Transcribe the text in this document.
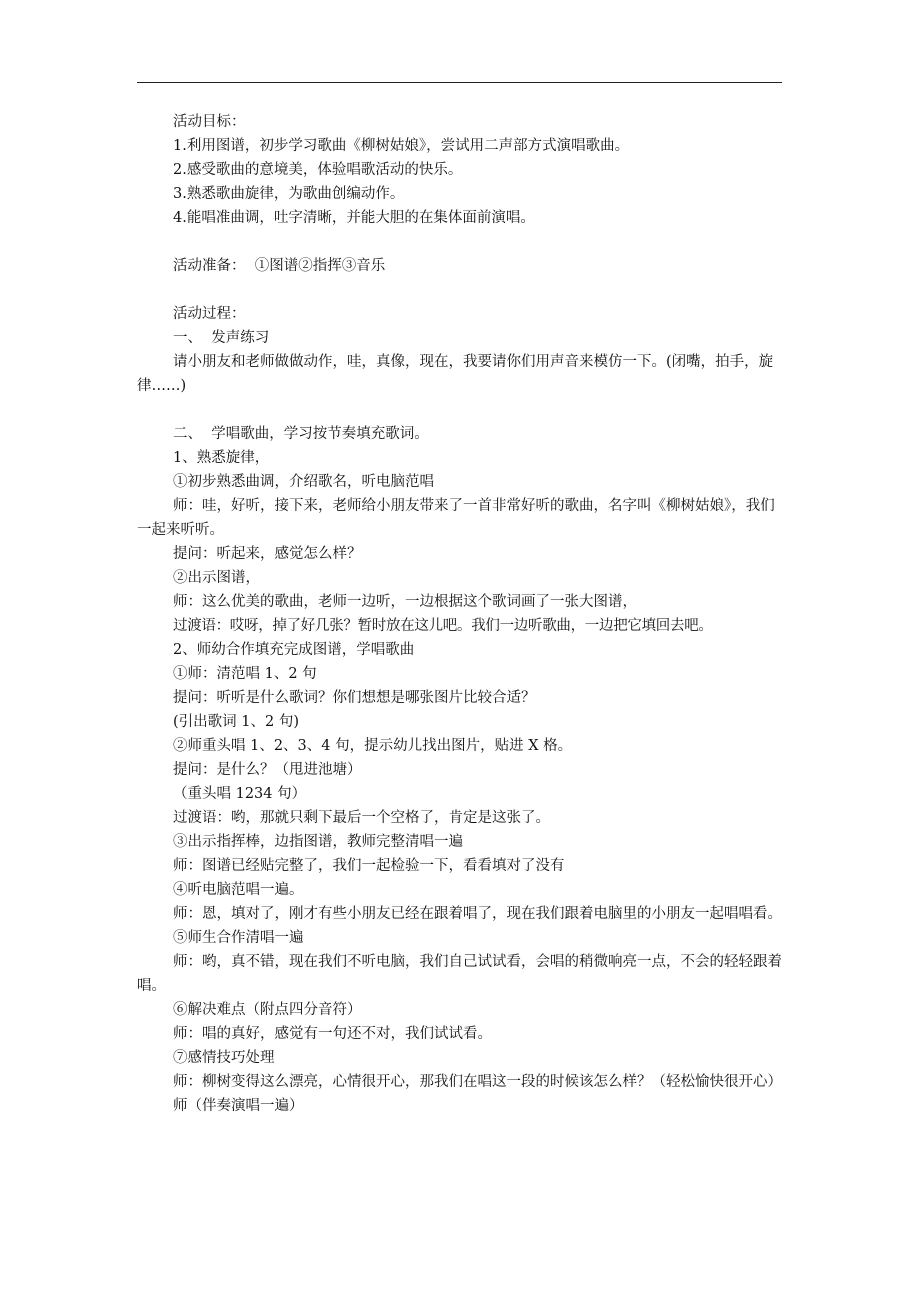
活动目标：
1.利用图谱，初步学习歌曲《柳树姑娘》，尝试用二声部方式演唱歌曲。
2.感受歌曲的意境美，体验唱歌活动的快乐。
3.熟悉歌曲旋律，为歌曲创编动作。
4.能唱准曲调，吐字清晰，并能大胆的在集体面前演唱。
活动准备：  ①图谱②指挥③音乐
活动过程：
一、  发声练习
请小朋友和老师做做动作，哇，真像，现在，我要请你们用声音来模仿一下。(闭嘴，拍手，旋律……)
二、  学唱歌曲，学习按节奏填充歌词。
1、熟悉旋律，
①初步熟悉曲调，介绍歌名，听电脑范唱
师：哇，好听，接下来，老师给小朋友带来了一首非常好听的歌曲，名字叫《柳树姑娘》，我们一起来听听。
提问：听起来，感觉怎么样？
②出示图谱，
师：这么优美的歌曲，老师一边听，一边根据这个歌词画了一张大图谱，
过渡语：哎呀，掉了好几张？暂时放在这儿吧。我们一边听歌曲，一边把它填回去吧。
2、师幼合作填充完成图谱，学唱歌曲
①师：清范唱 1、2 句
提问：听听是什么歌词？你们想想是哪张图片比较合适？
(引出歌词 1、2 句)
②师重头唱 1、2、3、4 句，提示幼儿找出图片，贴进 X 格。
提问：是什么？（甩进池塘）
（重头唱 1234 句）
过渡语：哟，那就只剩下最后一个空格了，肯定是这张了。
③出示指挥棒，边指图谱，教师完整清唱一遍
师：图谱已经贴完整了，我们一起检验一下，看看填对了没有
④听电脑范唱一遍。
师：恩，填对了，刚才有些小朋友已经在跟着唱了，现在我们跟着电脑里的小朋友一起唱唱看。
⑤师生合作清唱一遍
师：哟，真不错，现在我们不听电脑，我们自己试试看，会唱的稍微响亮一点，不会的轻轻跟着唱。
⑥解决难点（附点四分音符）
师：唱的真好，感觉有一句还不对，我们试试看。
⑦感情技巧处理
师：柳树变得这么漂亮，心情很开心，那我们在唱这一段的时候该怎么样？（轻松愉快很开心）
师（伴奏演唱一遍）
